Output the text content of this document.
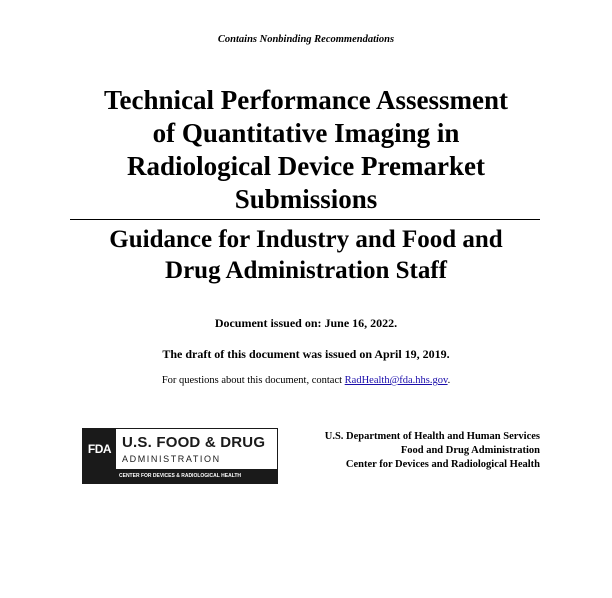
Contains Nonbinding Recommendations
Technical Performance Assessment
of Quantitative Imaging in
Radiological Device Premarket
Submissions
Guidance for Industry and Food and
Drug Administration Staff
Document issued on: June 16, 2022.
The draft of this document was issued on April 19, 2019.
For questions about this document, contact RadHealth@fda.hhs.gov.
FDA U.S. FOOD & DRUG
ADMINISTRATION
CENTER FOR DEVICES & RADIOLOGICAL HEALTH
U.S. Department of Health and Human Services
Food and Drug Administration
Center for Devices and Radiological Health
